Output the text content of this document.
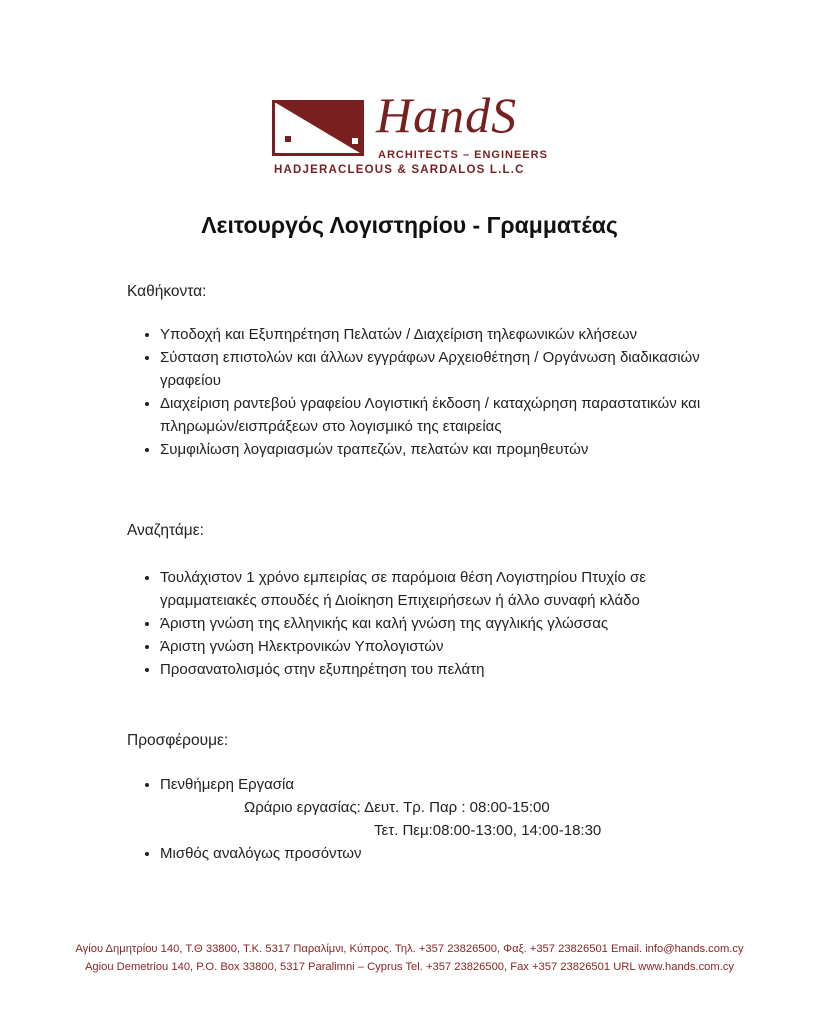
HandS
ARCHITECTS – ENGINEERS
HADJERACLEOUS & SARDALOS L.L.C
Λειτουργός Λογιστηρίου - Γραμματέας
Καθήκοντα:
• Υποδοχή και Εξυπηρέτηση Πελατών / Διαχείριση τηλεφωνικών κλήσεων
• Σύσταση επιστολών και άλλων εγγράφων Αρχειοθέτηση / Οργάνωση διαδικασιών γραφείου
• Διαχείριση ραντεβού γραφείου Λογιστική έκδοση / καταχώρηση παραστατικών και πληρωμών/εισπράξεων στο λογισμικό της εταιρείας
• Συμφιλίωση λογαριασμών τραπεζών, πελατών και προμηθευτών
Αναζητάμε:
• Τουλάχιστον 1 χρόνο εμπειρίας σε παρόμοια θέση Λογιστηρίου Πτυχίο σε γραμματειακές σπουδές ή Διοίκηση Επιχειρήσεων ή άλλο συναφή κλάδο
• Άριστη γνώση της ελληνικής και καλή γνώση της αγγλικής γλώσσας
• Άριστη γνώση Ηλεκτρονικών Υπολογιστών
• Προσανατολισμός στην εξυπηρέτηση του πελάτη
Προσφέρουμε:
• Πενθήμερη Εργασία
Ωράριο εργασίας: Δευτ. Τρ. Παρ : 08:00-15:00
Τετ. Πεμ:08:00-13:00, 14:00-18:30
• Μισθός αναλόγως προσόντων
Αγίου Δημητρίου 140, Τ.Θ 33800, Τ.Κ. 5317 Παραλίμνι, Κύπρος. Τηλ. +357 23826500, Φαξ. +357 23826501 Email. info@hands.com.cy
Agiou Demetriou 140, P.O. Box 33800, 5317 Paralimni – Cyprus Tel. +357 23826500, Fax +357 23826501 URL www.hands.com.cy
